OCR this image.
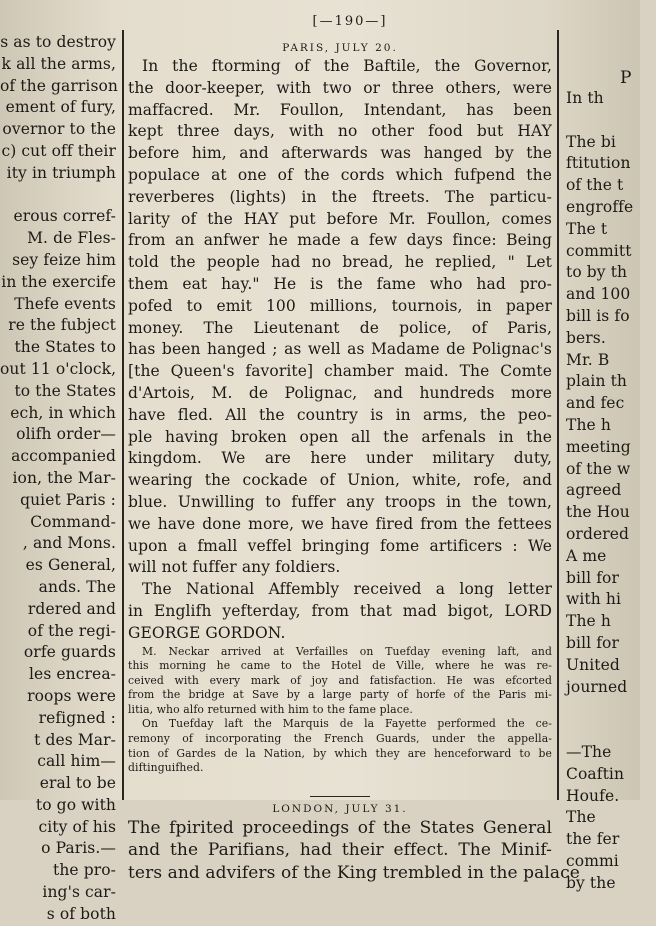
[—190—]
s as to destroy
k all the arms,
of the garrison
ement of fury,
overnor to the
c) cut off their
ity in triumph

erous corref-
M. de Fles-
sey feize him
in the exercife
Thefe events
re the fubject
the States to
out 11 o'clock,
to the States
ech, in which
olifh order—
accompanied
ion, the Mar-
quiet Paris :
Command-
, and Mons.
es General,
ands. The
rdered and
of the regi-
orfe guards
les encrea-
roops were
refigned :
t des Mar-
call him—
eral to be
to go with
city of his
o Paris.—
the pro-
ing's car-
s of both
PARIS, JULY 20.
In the ftorming of the Baftile, the Governor,
the door-keeper, with two or three others, were
maffacred. Mr. Foullon, Intendant, has been
kept three days, with no other food but HAY
before him, and afterwards was hanged by the
populace at one of the cords which fufpend the
reverberes (lights) in the ftreets. The particu-
larity of the HAY put before Mr. Foullon, comes
from an anfwer he made a few days fince: Being
told the people had no bread, he replied, " Let
them eat hay." He is the fame who had pro-
pofed to emit 100 millions, tournois, in paper
money. The Lieutenant de police, of Paris,
has been hanged ; as well as Madame de Polignac's
[the Queen's favorite] chamber maid. The Comte
d'Artois, M. de Polignac, and hundreds more
have fled. All the country is in arms, the peo-
ple having broken open all the arfenals in the
kingdom. We are here under military duty,
wearing the cockade of Union, white, rofe, and
blue. Unwilling to fuffer any troops in the town,
we have done more, we have fired from the fettees
upon a fmall veffel bringing fome artificers : We
will not fuffer any foldiers.
The National Affembly received a long letter
in Englifh yefterday, from that mad bigot, LORD
GEORGE GORDON.
M. Neckar arrived at Verfailles on Tuefday evening laft, and
this morning he came to the Hotel de Ville, where he was re-
ceived with every mark of joy and fatisfaction. He was efcorted
from the bridge at Save by a large party of horfe of the Paris mi-
litia, who alfo returned with him to the fame place.
On Tuefday laft the Marquis de la Fayette performed the ce-
remony of incorporating the French Guards, under the appella-
tion of Gardes de la Nation, by which they are henceforward to be
diftinguifhed.
LONDON, JULY 31.
The fpirited proceedings of the States General
and the Parifians, had their effect. The Minif-
ters and advifers of the King trembled in the palace
P
In th

The bi
ftitution
of the t
engroffe
The t
committ
to by th
and 100
bill is fo
bers.
Mr. B
plain th
and fec
The h
meeting
of the w
agreed
the Hou
ordered
A me
bill for
with hi
The h
bill for
United
journed

—The
Coaftin
Houfe.
The
the fer
commi
by the
